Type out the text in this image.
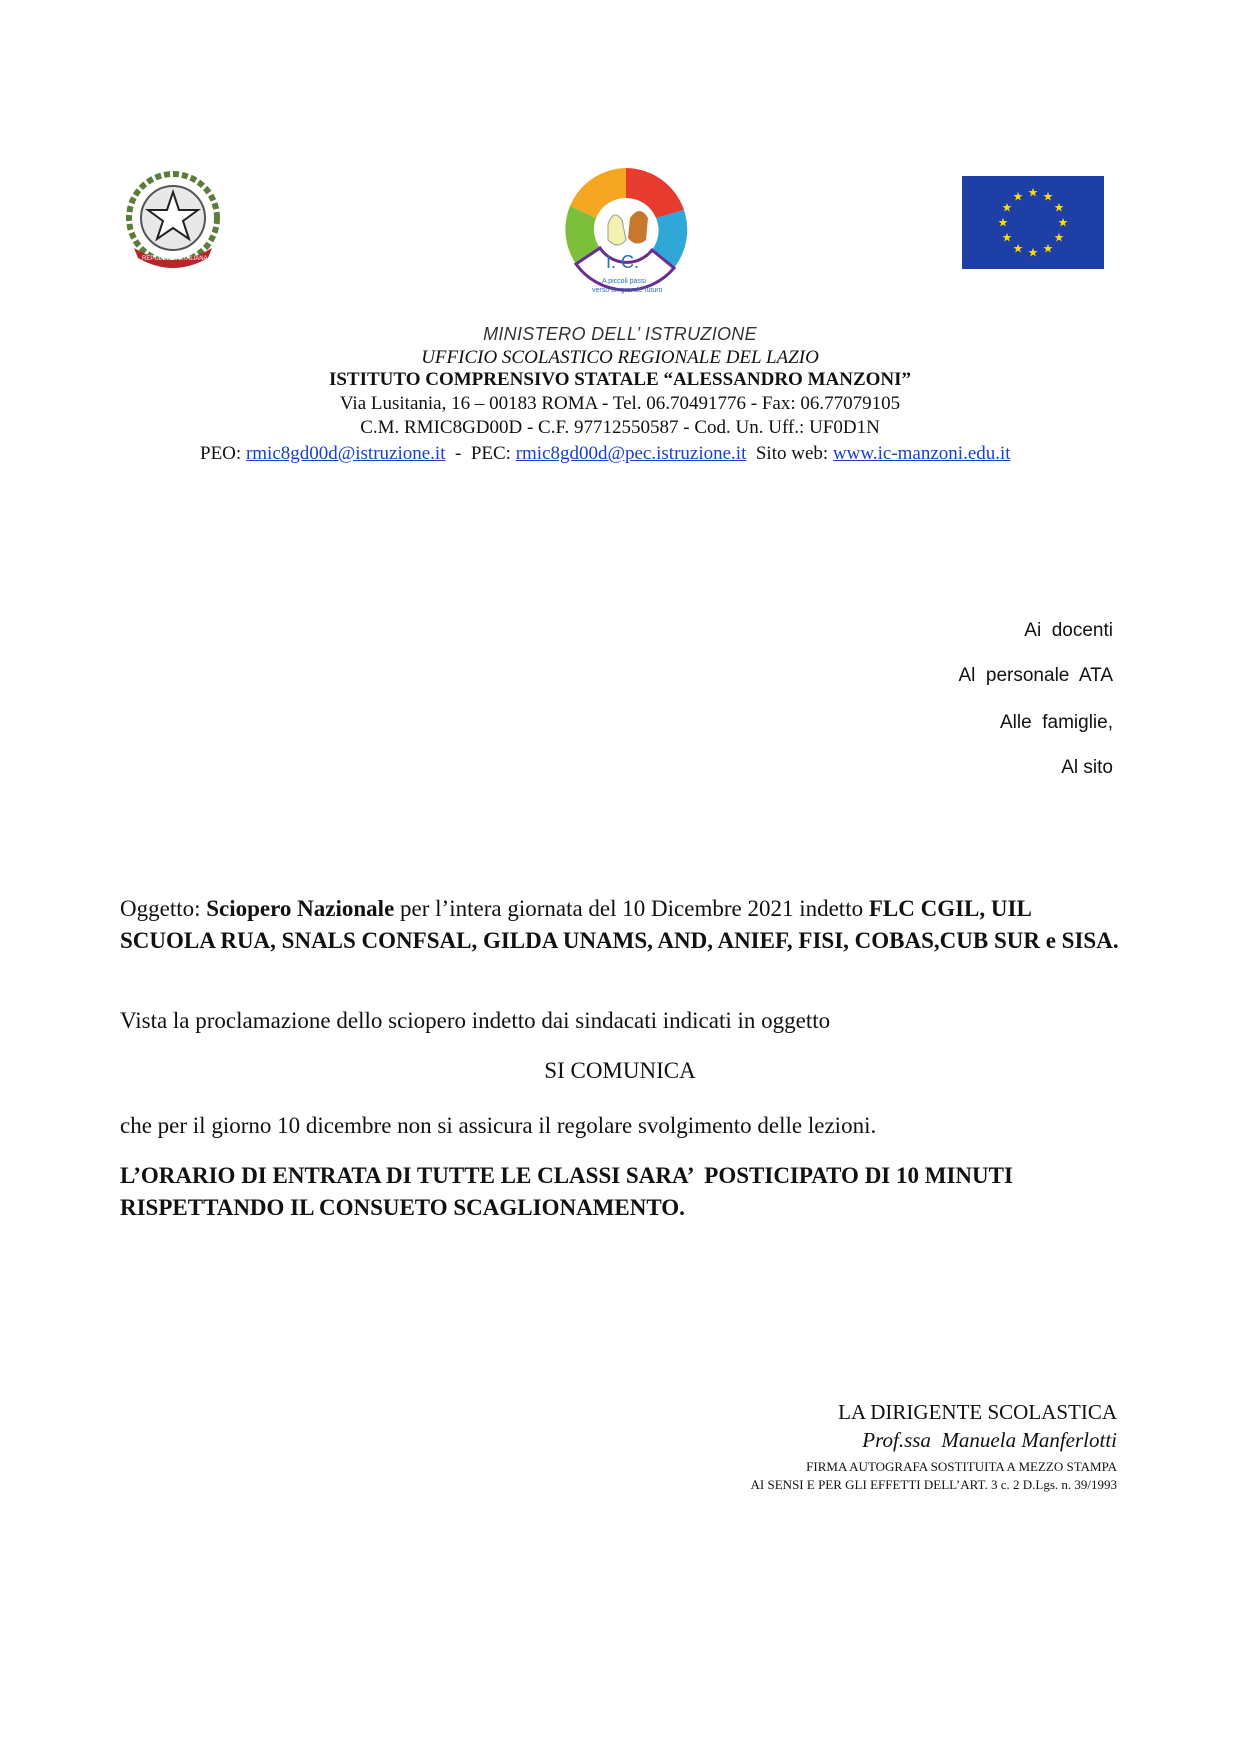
REPUBBLICA ITALIANA	I. C.
A piccoli passi
verso un grande futuro
★ ★
★
★
★
★
★
★
★
★
★
★
MINISTERO DELL’ ISTRUZIONE
UFFICIO SCOLASTICO REGIONALE DEL LAZIO
ISTITUTO COMPRENSIVO STATALE “ALESSANDRO MANZONI”
Via Lusitania, 16 – 00183 ROMA - Tel. 06.70491776 - Fax: 06.77079105
C.M. RMIC8GD00D - C.F. 97712550587 - Cod. Un. Uff.: UF0D1N
PEO: rmic8gd00d@istruzione.it  -  PEC: rmic8gd00d@pec.istruzione.it  Sito web: www.ic-manzoni.edu.it
Ai  docenti
Al  personale  ATA
Alle  famiglie,
Al sito
Oggetto: Sciopero Nazionale per l’intera giornata del 10 Dicembre 2021 indetto FLC CGIL, UIL SCUOLA RUA, SNALS CONFSAL, GILDA UNAMS, AND, ANIEF, FISI, COBAS,CUB SUR e SISA.
Vista la proclamazione dello sciopero indetto dai sindacati indicati in oggetto
SI COMUNICA
che per il giorno 10 dicembre non si assicura il regolare svolgimento delle lezioni.
L’ORARIO DI ENTRATA DI TUTTE LE CLASSI SARA’  POSTICIPATO DI 10 MINUTI RISPETTANDO IL CONSUETO SCAGLIONAMENTO.
LA DIRIGENTE SCOLASTICA
Prof.ssa  Manuela Manferlotti
FIRMA AUTOGRAFA SOSTITUITA A MEZZO STAMPA
AI SENSI E PER GLI EFFETTI DELL’ART. 3 c. 2 D.Lgs. n. 39/1993
